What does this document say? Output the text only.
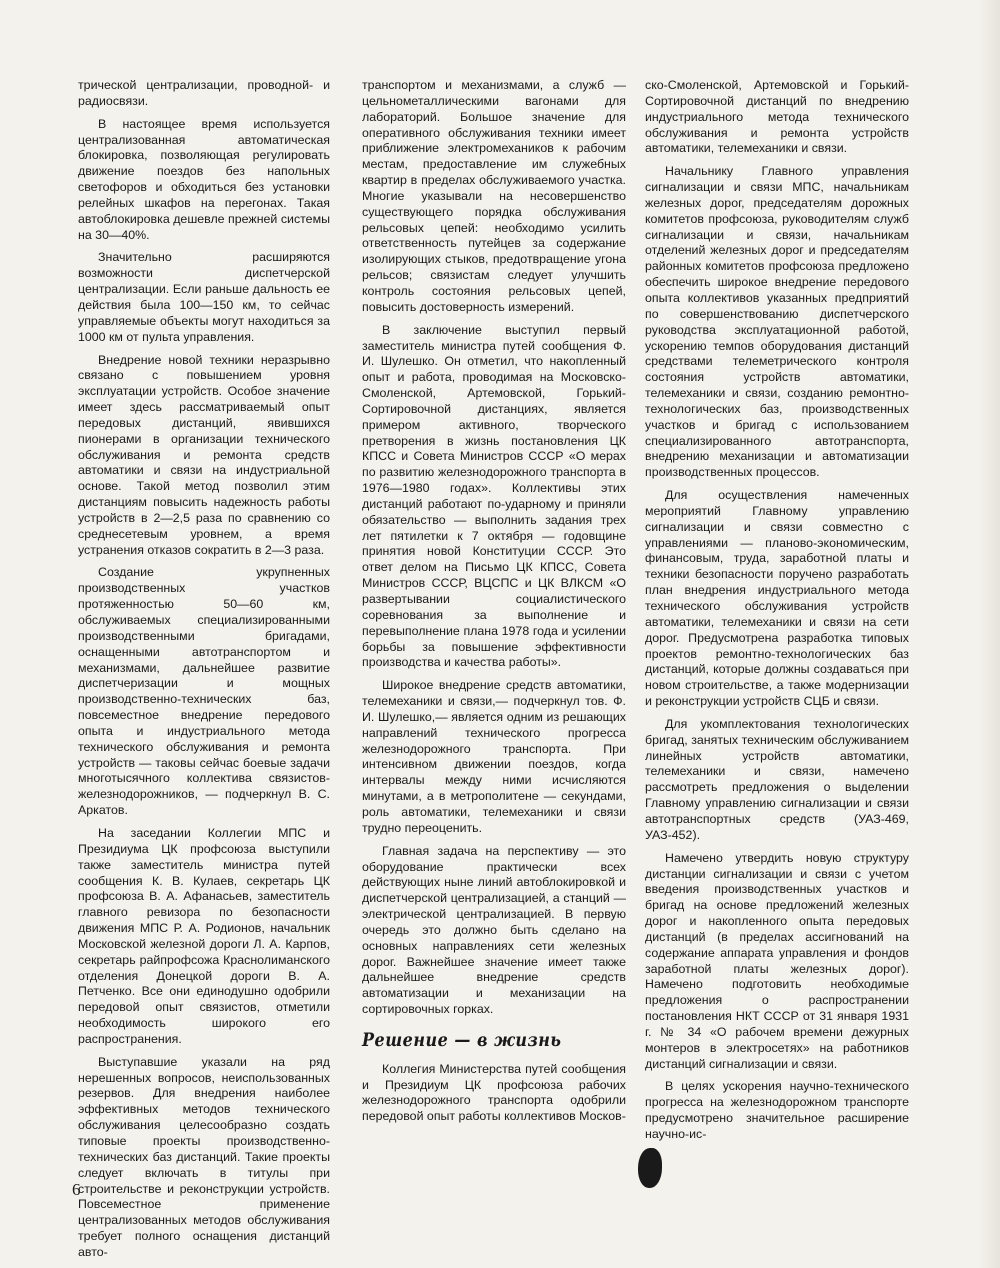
трической централизации, проводной- и радиосвязи.

В настоящее время используется централизованная автоматическая блокировка, позволяющая регулировать движение поездов без напольных светофоров и обходиться без установки релейных шкафов на перегонах. Такая автоблокировка дешевле прежней системы на 30—40%.

Значительно расширяются возможности диспетчерской централизации. Если раньше дальность ее действия была 100—150 км, то сейчас управляемые объекты могут находиться за 1000 км от пульта управления.

Внедрение новой техники неразрывно связано с повышением уровня эксплуатации устройств. Особое значение имеет здесь рассматриваемый опыт передовых дистанций, явившихся пионерами в организации технического обслуживания и ремонта средств автоматики и связи на индустриальной основе. Такой метод позволил этим дистанциям повысить надежность работы устройств в 2—2,5 раза по сравнению со среднесетевым уровнем, а время устранения отказов сократить в 2—3 раза.

Создание укрупненных производственных участков протяженностью 50—60 км, обслуживаемых специализированными производственными бригадами, оснащенными автотранспортом и механизмами, дальнейшее развитие диспетчеризации и мощных производственно-технических баз, повсеместное внедрение передового опыта и индустриального метода технического обслуживания и ремонта устройств — таковы сейчас боевые задачи многотысячного коллектива связистов-железнодорожников, — подчеркнул В. С. Аркатов.

На заседании Коллегии МПС и Президиума ЦК профсоюза выступили также заместитель министра путей сообщения К. В. Кулаев, секретарь ЦК профсоюза В. А. Афанасьев, заместитель главного ревизора по безопасности движения МПС Р. А. Родионов, начальник Московской железной дороги Л. А. Карпов, секретарь райпрофсожа Краснолиманского отделения Донецкой дороги В. А. Петченко. Все они единодушно одобрили передовой опыт связистов, отметили необходимость широкого его распространения.

Выступавшие указали на ряд нерешенных вопросов, неиспользованных резервов. Для внедрения наиболее эффективных методов технического обслуживания целесообразно создать типовые проекты производственно-технических баз дистанций. Такие проекты следует включать в титулы при строительстве и реконструкции устройств. Повсеместное применение централизованных методов обслуживания требует полного оснащения дистанций авто-

транспортом и механизмами, а служб — цельнометаллическими вагонами для лабораторий. Большое значение для оперативного обслуживания техники имеет приближение электромехаников к рабочим местам, предоставление им служебных квартир в пределах обслуживаемого участка. Многие указывали на несовершенство существующего порядка обслуживания рельсовых цепей: необходимо усилить ответственность путейцев за содержание изолирующих стыков, предотвращение угона рельсов; связистам следует улучшить контроль состояния рельсовых цепей, повысить достоверность измерений.

В заключение выступил первый заместитель министра путей сообщения Ф. И. Шулешко. Он отметил, что накопленный опыт и работа, проводимая на Московско-Смоленской, Артемовской, Горький-Сортировочной дистанциях, является примером активного, творческого претворения в жизнь постановления ЦК КПСС и Совета Министров СССР «О мерах по развитию железнодорожного транспорта в 1976—1980 годах». Коллективы этих дистанций работают по-ударному и приняли обязательство — выполнить задания трех лет пятилетки к 7 октября — годовщине принятия новой Конституции СССР. Это ответ делом на Письмо ЦК КПСС, Совета Министров СССР, ВЦСПС и ЦК ВЛКСМ «О развертывании социалистического соревнования за выполнение и перевыполнение плана 1978 года и усилении борьбы за повышение эффективности производства и качества работы».

Широкое внедрение средств автоматики, телемеханики и связи,— подчеркнул тов. Ф. И. Шулешко,— является одним из решающих направлений технического прогресса железнодорожного транспорта. При интенсивном движении поездов, когда интервалы между ними исчисляются минутами, а в метрополитене — секундами, роль автоматики, телемеханики и связи трудно переоценить.

Главная задача на перспективу — это оборудование практически всех действующих ныне линий автоблокировкой и диспетчерской централизацией, а станций — электрической централизацией. В первую очередь это должно быть сделано на основных направлениях сети железных дорог. Важнейшее значение имеет также дальнейшее внедрение средств автоматизации и механизации на сортировочных горках.

Решение — в жизнь

Коллегия Министерства путей сообщения и Президиум ЦК профсоюза рабочих железнодорожного транспорта одобрили передовой опыт работы коллективов Москов-

ско-Смоленской, Артемовской и Горький-Сортировочной дистанций по внедрению индустриального метода технического обслуживания и ремонта устройств автоматики, телемеханики и связи.

Начальнику Главного управления сигнализации и связи МПС, начальникам железных дорог, председателям дорожных комитетов профсоюза, руководителям служб сигнализации и связи, начальникам отделений железных дорог и председателям районных комитетов профсоюза предложено обеспечить широкое внедрение передового опыта коллективов указанных предприятий по совершенствованию диспетчерского руководства эксплуатационной работой, ускорению темпов оборудования дистанций средствами телеметрического контроля состояния устройств автоматики, телемеханики и связи, созданию ремонтно-технологических баз, производственных участков и бригад с использованием специализированного автотранспорта, внедрению механизации и автоматизации производственных процессов.

Для осуществления намеченных мероприятий Главному управлению сигнализации и связи совместно с управлениями — планово-экономическим, финансовым, труда, заработной платы и техники безопасности поручено разработать план внедрения индустриального метода технического обслуживания устройств автоматики, телемеханики и связи на сети дорог. Предусмотрена разработка типовых проектов ремонтно-технологических баз дистанций, которые должны создаваться при новом строительстве, а также модернизации и реконструкции устройств СЦБ и связи.

Для укомплектования технологических бригад, занятых техническим обслуживанием линейных устройств автоматики, телемеханики и связи, намечено рассмотреть предложения о выделении Главному управлению сигнализации и связи автотранспортных средств (УАЗ-469, УАЗ-452).

Намечено утвердить новую структуру дистанции сигнализации и связи с учетом введения производственных участков и бригад на основе предложений железных дорог и накопленного опыта передовых дистанций (в пределах ассигнований на содержание аппарата управления и фондов заработной платы железных дорог). Намечено подготовить необходимые предложения о распространении постановления НКТ СССР от 31 января 1931 г. № 34 «О рабочем времени дежурных монтеров в электросетях» на работников дистанций сигнализации и связи.

В целях ускорения научно-технического прогресса на железнодорожном транспорте предусмотрено значительное расширение научно-ис-

6
